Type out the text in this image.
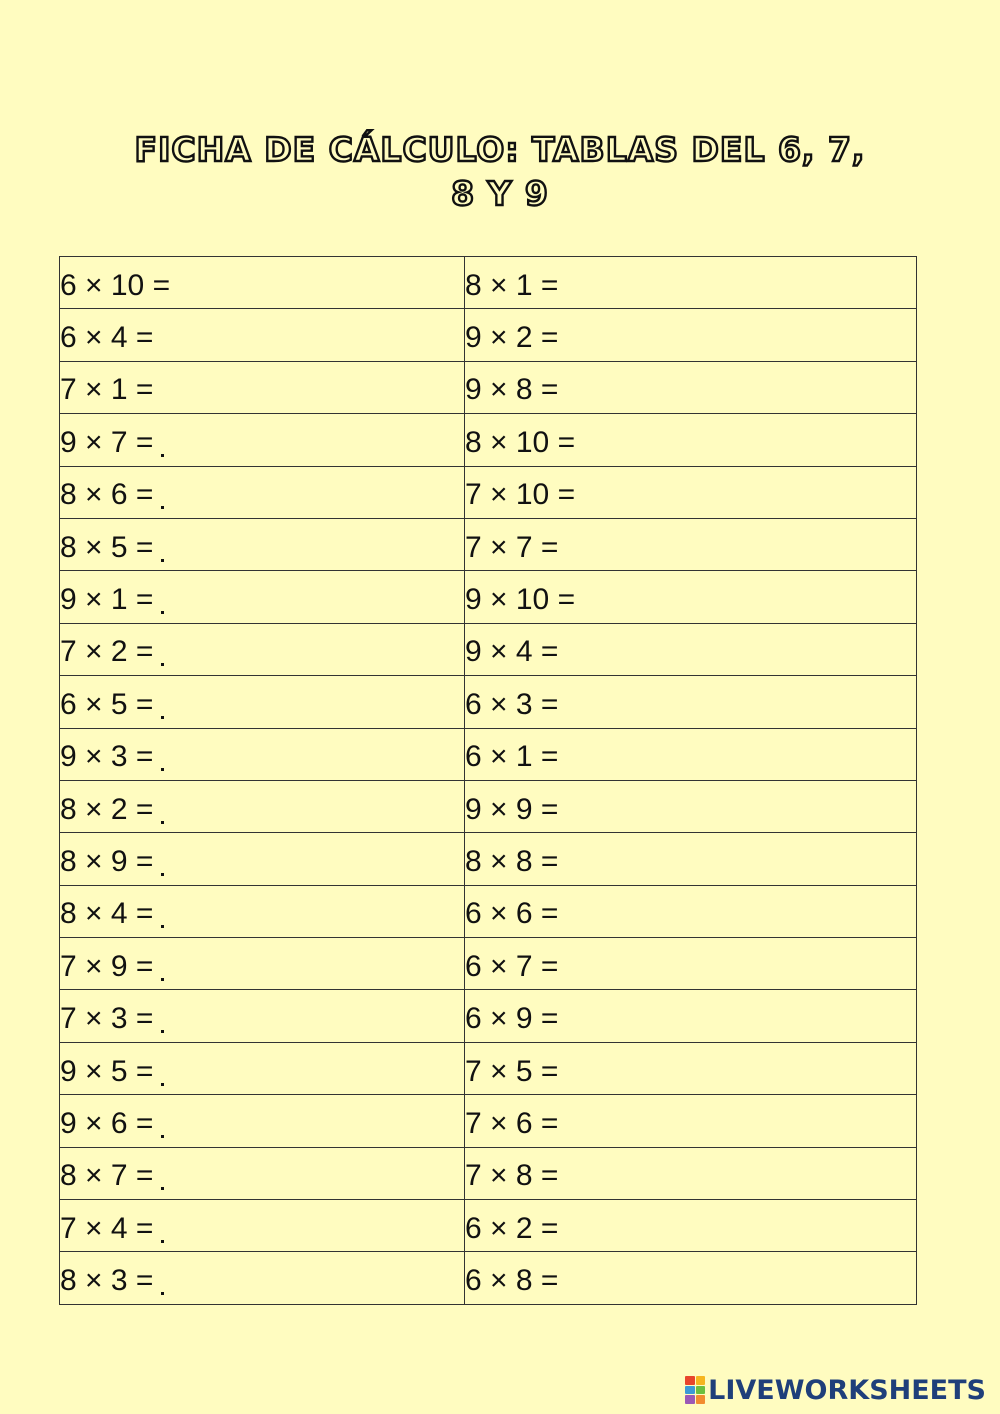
FICHA DE CÁLCULO: TABLAS DEL 6, 7,
8 Y 9
6 × 10 =	8 × 1 =
6 × 4 =	9 × 2 =
7 × 1 =	9 × 8 =
9 × 7 =	8 × 10 =
8 × 6 =	7 × 10 =
8 × 5 =	7 × 7 =
9 × 1 =	9 × 10 =
7 × 2 =	9 × 4 =
6 × 5 =	6 × 3 =
9 × 3 =	6 × 1 =
8 × 2 =	9 × 9 =
8 × 9 =	8 × 8 =
8 × 4 =	6 × 6 =
7 × 9 =	6 × 7 =
7 × 3 =	6 × 9 =
9 × 5 =	7 × 5 =
9 × 6 =	7 × 6 =
8 × 7 =	7 × 8 =
7 × 4 =	6 × 2 =
8 × 3 =	6 × 8 =
LIVEWORKSHEETS
